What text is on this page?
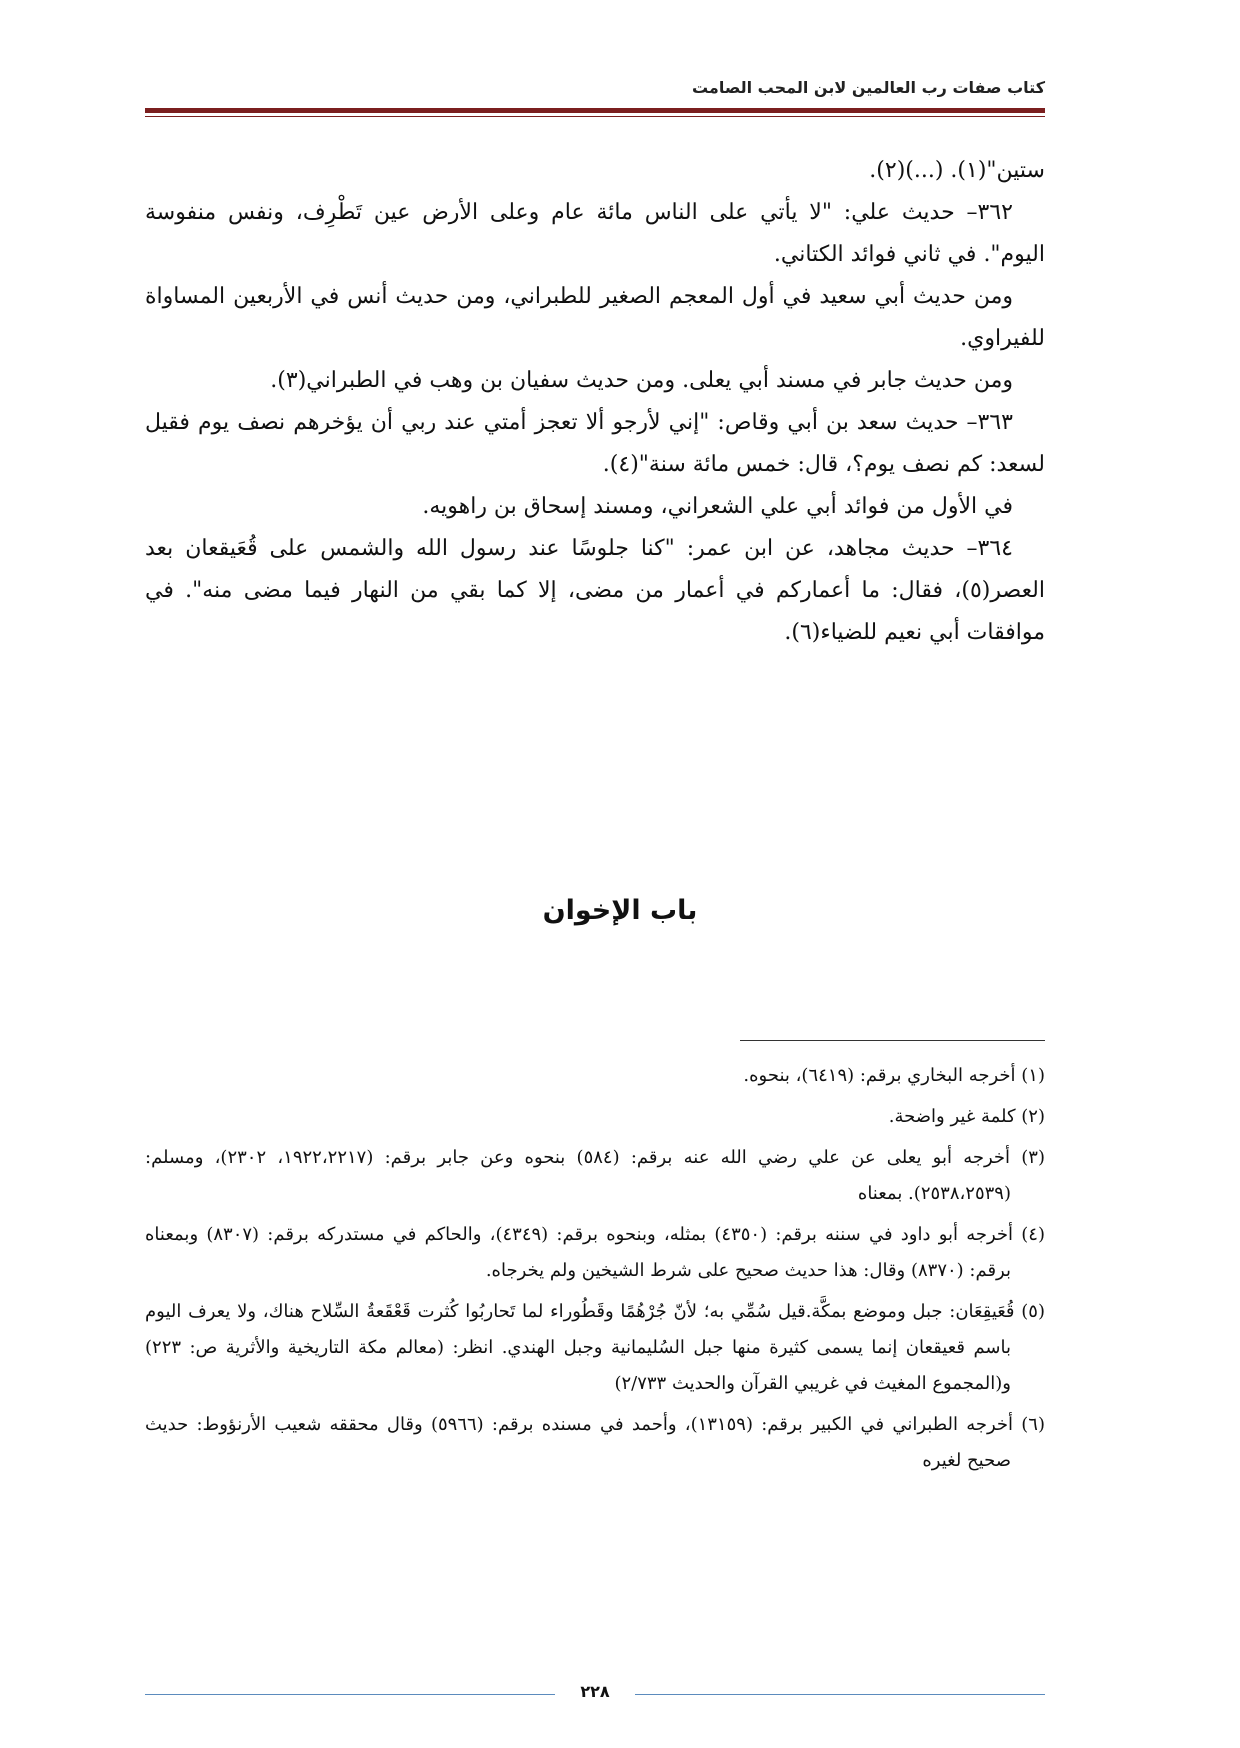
كتاب صفات رب العالمين لابن المحب الصامت

ستين"(١). (...)(٢).

٣٦٢– حديث علي: "لا يأتي على الناس مائة عام وعلى الأرض عين تَطْرِف، ونفس منفوسة اليوم". في ثاني فوائد الكتاني.

ومن حديث أبي سعيد في أول المعجم الصغير للطبراني، ومن حديث أنس في الأربعين المساواة للفيراوي.

ومن حديث جابر في مسند أبي يعلى. ومن حديث سفيان بن وهب في الطبراني(٣).

٣٦٣– حديث سعد بن أبي وقاص: "إني لأرجو ألا تعجز أمتي عند ربي أن يؤخرهم نصف يوم فقيل لسعد: كم نصف يوم؟، قال: خمس مائة سنة"(٤).

في الأول من فوائد أبي علي الشعراني، ومسند إسحاق بن راهويه.

٣٦٤– حديث مجاهد، عن ابن عمر: "كنا جلوسًا عند رسول الله والشمس على قُعَيقعان بعد العصر(٥)، فقال: ما أعماركم في أعمار من مضى، إلا كما بقي من النهار فيما مضى منه". في موافقات أبي نعيم للضياء(٦).

باب الإخوان

(١) أخرجه البخاري برقم: (٦٤١٩)، بنحوه.

(٢) كلمة غير واضحة.

(٣) أخرجه أبو يعلى عن علي رضي الله عنه برقم: (٥٨٤) بنحوه وعن جابر برقم: (١٩٢٢،٢٢١٧، ٢٣٠٢)، ومسلم: (٢٥٣٨،٢٥٣٩). بمعناه

(٤) أخرجه أبو داود في سننه برقم: (٤٣٥٠) بمثله، وبنحوه برقم: (٤٣٤٩)، والحاكم في مستدركه برقم: (٨٣٠٧) وبمعناه برقم: (٨٣٧٠) وقال: هذا حديث صحيح على شرط الشيخين ولم يخرجاه.

(٥) قُعَيقِعَان: جبل وموضع بمكَّة.قيل سُمِّي به؛ لأنّ جُرْهُمًا وقَطُوراء لما تَحاربُوا كُثرت قَعْقَعةُ السِّلاح هناك، ولا يعرف اليوم باسم قعيقعان إنما يسمى كثيرة منها جبل السُليمانية وجبل الهندي. انظر: (معالم مكة التاريخية والأثرية ص: ٢٢٣) و(المجموع المغيث في غريبي القرآن والحديث ٢/٧٣٣)

(٦) أخرجه الطبراني في الكبير برقم: (١٣١٥٩)، وأحمد في مسنده برقم: (٥٩٦٦) وقال محققه شعيب الأرنؤوط: حديث صحيح لغيره

٢٢٨
